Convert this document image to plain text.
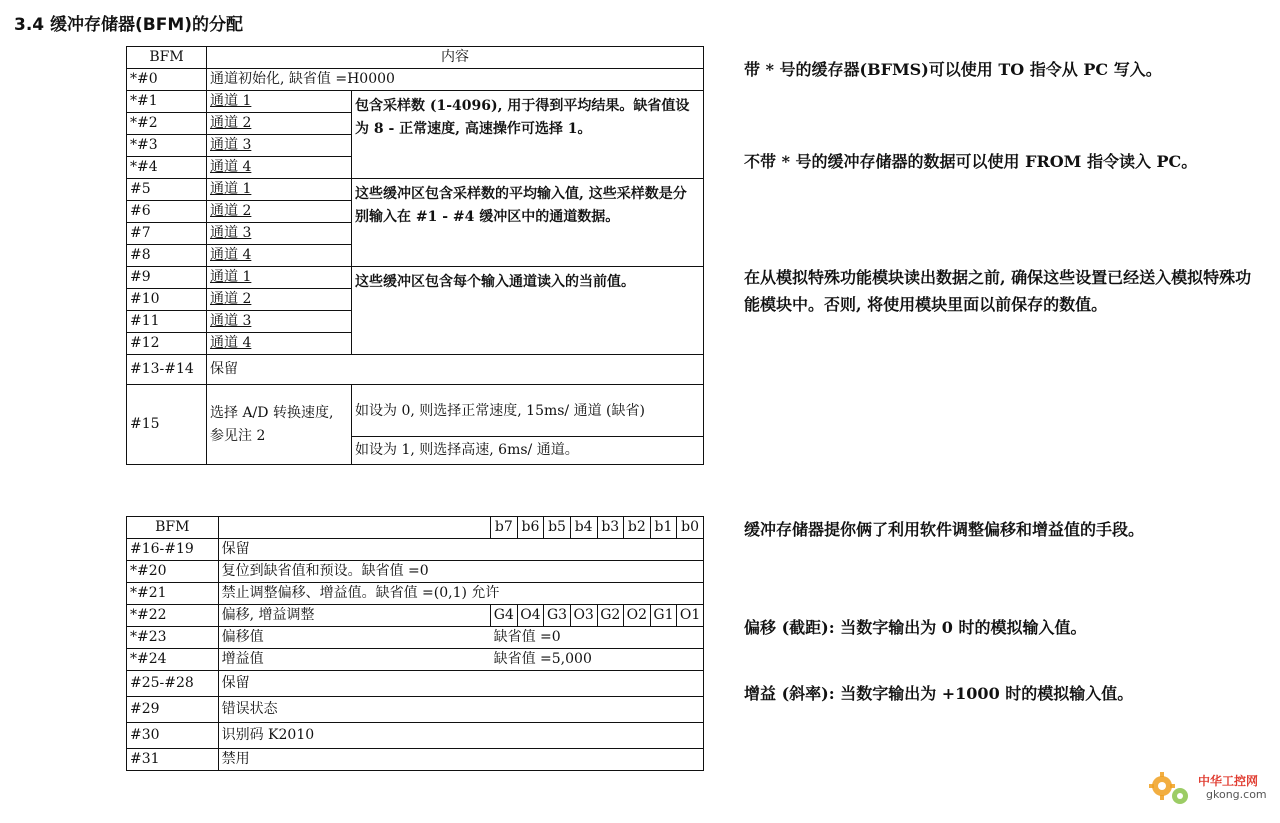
3.4 缓冲存储器(BFM)的分配
BFM	内容	
*#0	通道初始化, 缺省值 =H0000	
*#1	通道 1	包含采样数 (1-4096), 用于得到平均结果。缺省值设为 8 - 正常速度, 高速操作可选择 1。
*#2	通道 2	
*#3	通道 3	
*#4	通道 4	
#5	通道 1	这些缓冲区包含采样数的平均输入值, 这些采样数是分别输入在 #1 - #4 缓冲区中的通道数据。
#6	通道 2	
#7	通道 3	
#8	通道 4	
#9	通道 1	这些缓冲区包含每个输入通道读入的当前值。
#10	通道 2	
#11	通道 3	
#12	通道 4	
#13-#14	保留	
#15	选择 A/D 转换速度, 参见注 2	如设为 0, 则选择正常速度, 15ms/ 通道 (缺省)
		如设为 1, 则选择高速, 6ms/ 通道。
BFM		b7	b6	b5	b4	b3	b2	b1	b0
#16-#19	保留								
*#20	复位到缺省值和预设。缺省值 =0								
*#21	禁止调整偏移、增益值。缺省值 =(0,1) 允许								
*#22	偏移, 增益调整	G4	O4	G3	O3	G2	O2	G1	O1
*#23	偏移值	缺省值 =0							
*#24	增益值	缺省值 =5,000							
#25-#28	保留								
#29	错误状态								
#30	识别码 K2010								
#31	禁用								

带 * 号的缓存器(BFMS)可以使用 TO 指令从 PC 写入。

不带 * 号的缓冲存储器的数据可以使用 FROM 指令读入 PC。

在从模拟特殊功能模块读出数据之前, 确保这些设置已经送入模拟特殊功能模块中。否则, 将使用模块里面以前保存的数值。

缓冲存储器提你俩了利用软件调整偏移和增益值的手段。

偏移 (截距): 当数字输出为 0 时的模拟输入值。

增益 (斜率): 当数字输出为 +1000 时的模拟输入值。

中华工控网
gkong.com
